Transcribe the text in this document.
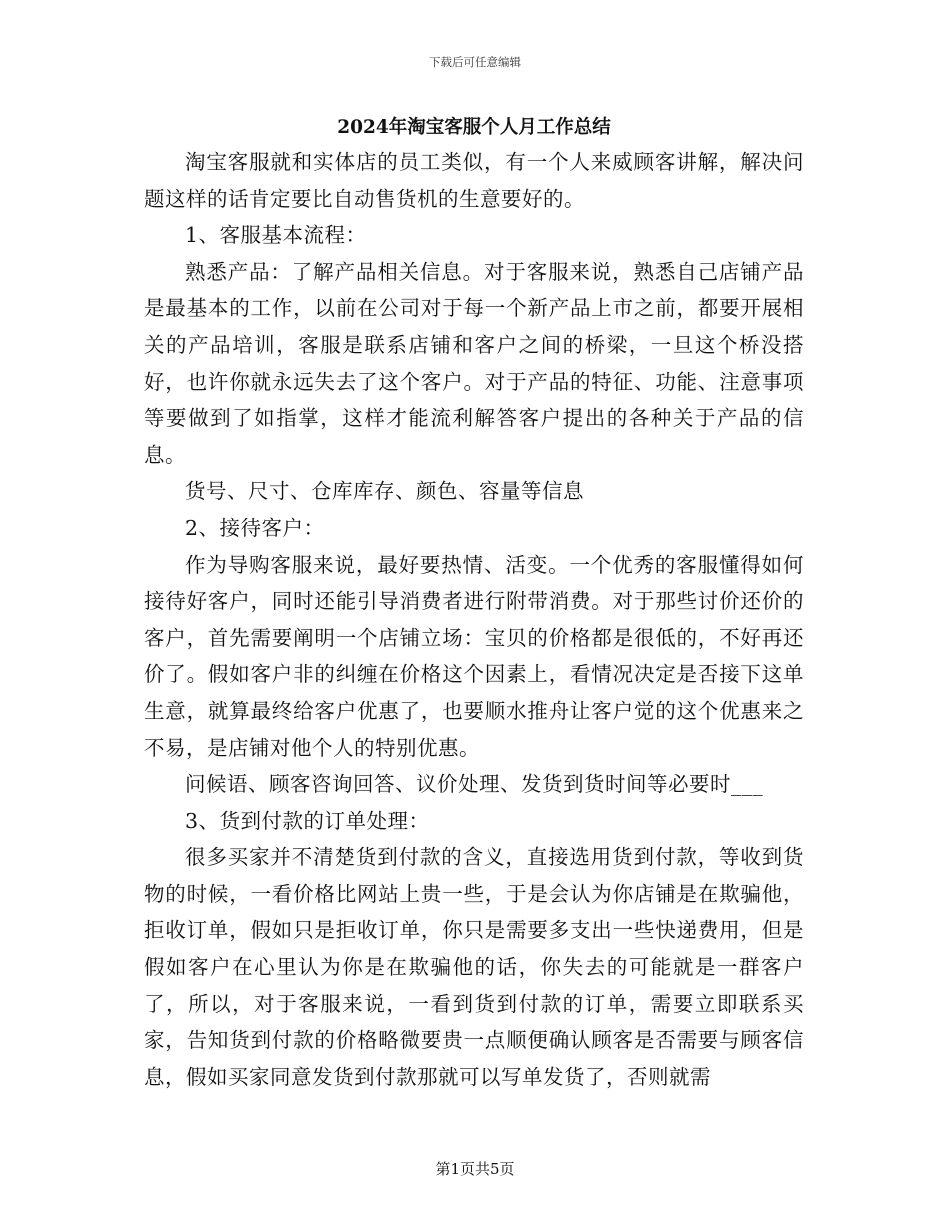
下载后可任意编辑
2024年淘宝客服个人月工作总结

淘宝客服就和实体店的员工类似，有一个人来威顾客讲解，解决问题这样的话肯定要比自动售货机的生意要好的。

1、客服基本流程：

熟悉产品：了解产品相关信息。对于客服来说，熟悉自己店铺产品是最基本的工作，以前在公司对于每一个新产品上市之前，都要开展相关的产品培训，客服是联系店铺和客户之间的桥梁，一旦这个桥没搭好，也许你就永远失去了这个客户。对于产品的特征、功能、注意事项等要做到了如指掌，这样才能流利解答客户提出的各种关于产品的信息。

货号、尺寸、仓库库存、颜色、容量等信息

2、接待客户：

作为导购客服来说，最好要热情、活变。一个优秀的客服懂得如何接待好客户，同时还能引导消费者进行附带消费。对于那些讨价还价的客户，首先需要阐明一个店铺立场：宝贝的价格都是很低的，不好再还价了。假如客户非的纠缠在价格这个因素上，看情况决定是否接下这单生意，就算最终给客户优惠了，也要顺水推舟让客户觉的这个优惠来之不易，是店铺对他个人的特别优惠。

问候语、顾客咨询回答、议价处理、发货到货时间等必要时___

3、货到付款的订单处理：

很多买家并不清楚货到付款的含义，直接选用货到付款，等收到货物的时候，一看价格比网站上贵一些，于是会认为你店铺是在欺骗他，拒收订单，假如只是拒收订单，你只是需要多支出一些快递费用，但是假如客户在心里认为你是在欺骗他的话，你失去的可能就是一群客户了，所以，对于客服来说，一看到货到付款的订单，需要立即联系买家，告知货到付款的价格略微要贵一点顺便确认顾客是否需要与顾客信息，假如买家同意发货到付款那就可以写单发货了，否则就需

第1页共5页
